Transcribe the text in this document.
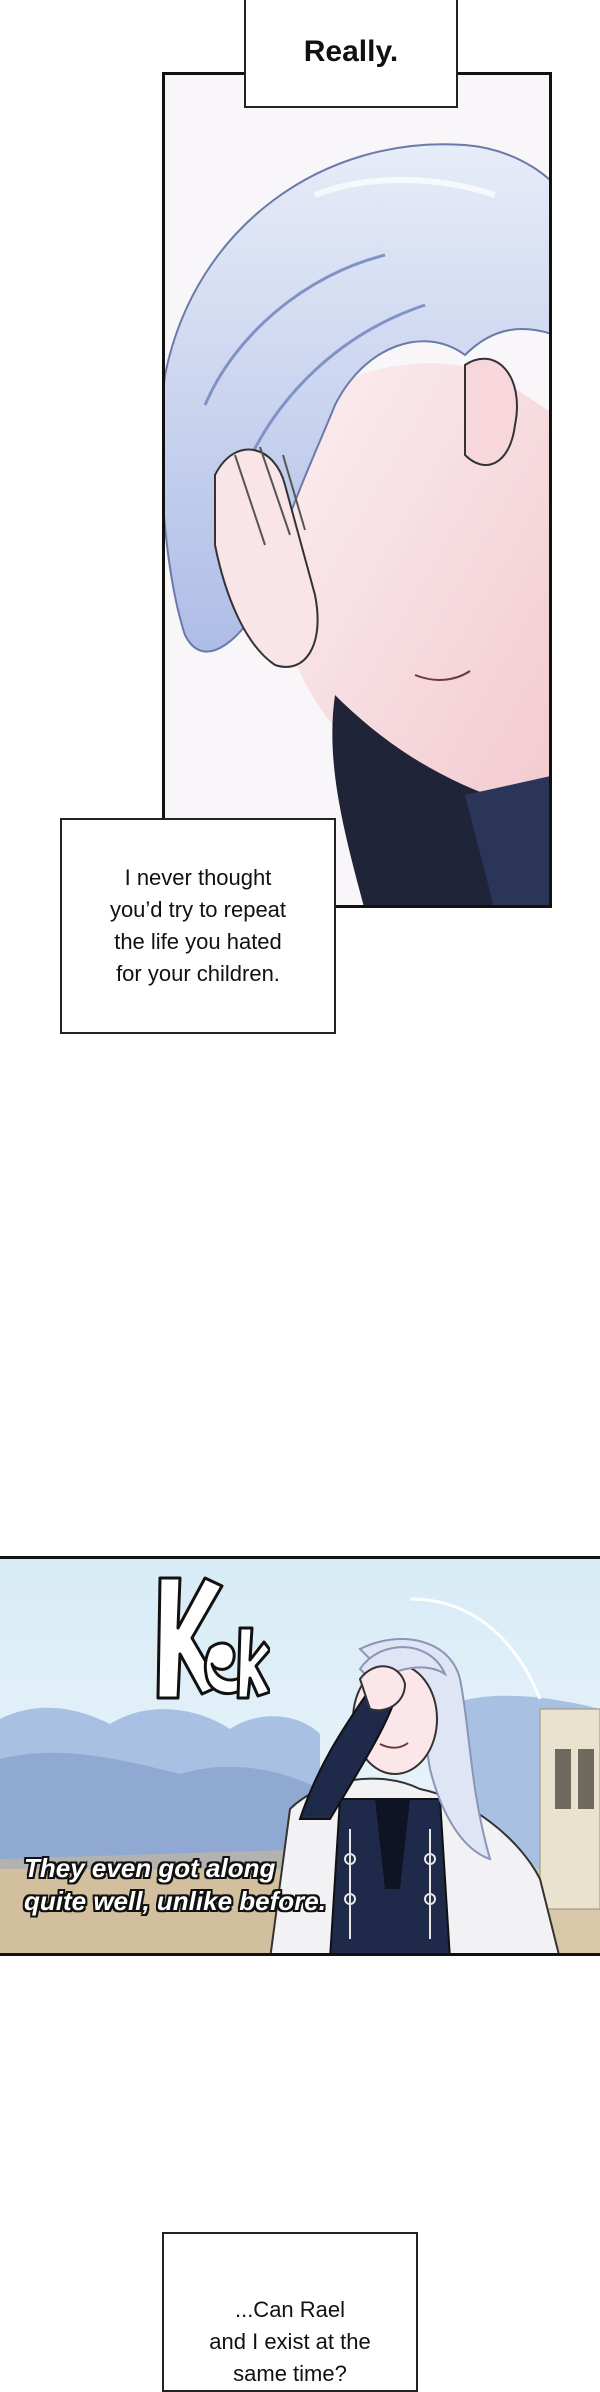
Really.
I never thought
you’d try to repeat
the life you hated
for your children.
They even got along
quite well, unlike before.
...Can Rael
and I exist at the
same time?
